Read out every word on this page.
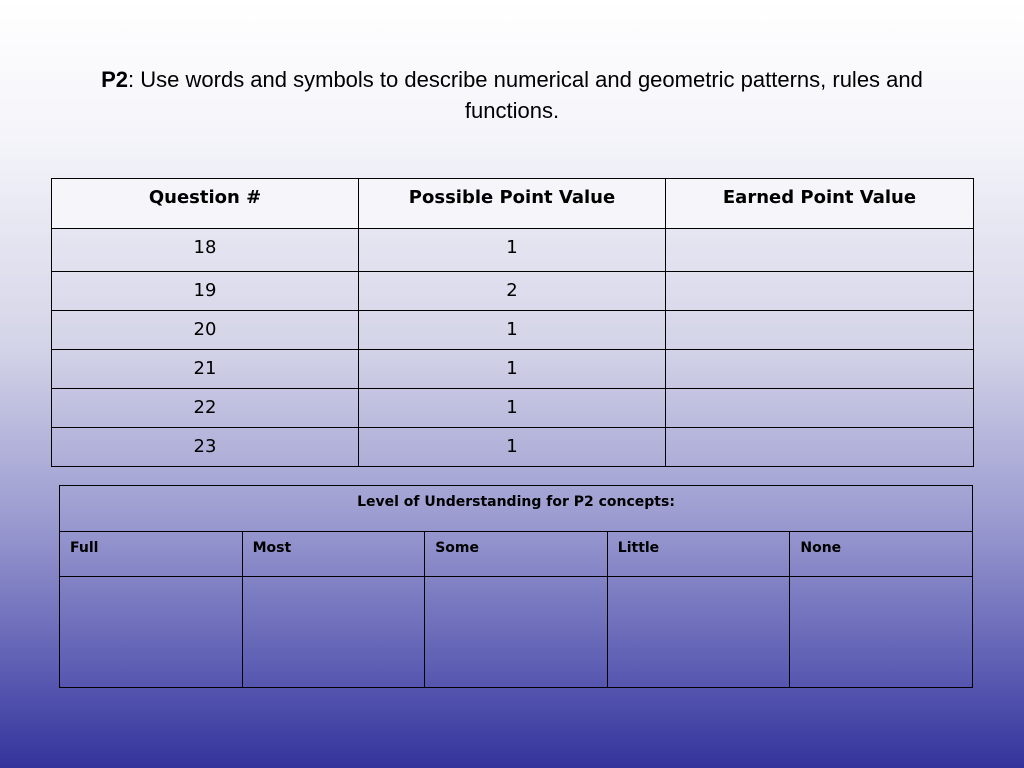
P2: Use words and symbols to describe numerical and geometric patterns, rules and functions.
Question #	Possible Point Value	Earned Point Value
18	1	
19	2	
20	1	
21	1	
22	1	
23	1	
Level of Understanding for P2 concepts:				
Full	Most	Some	Little	None
